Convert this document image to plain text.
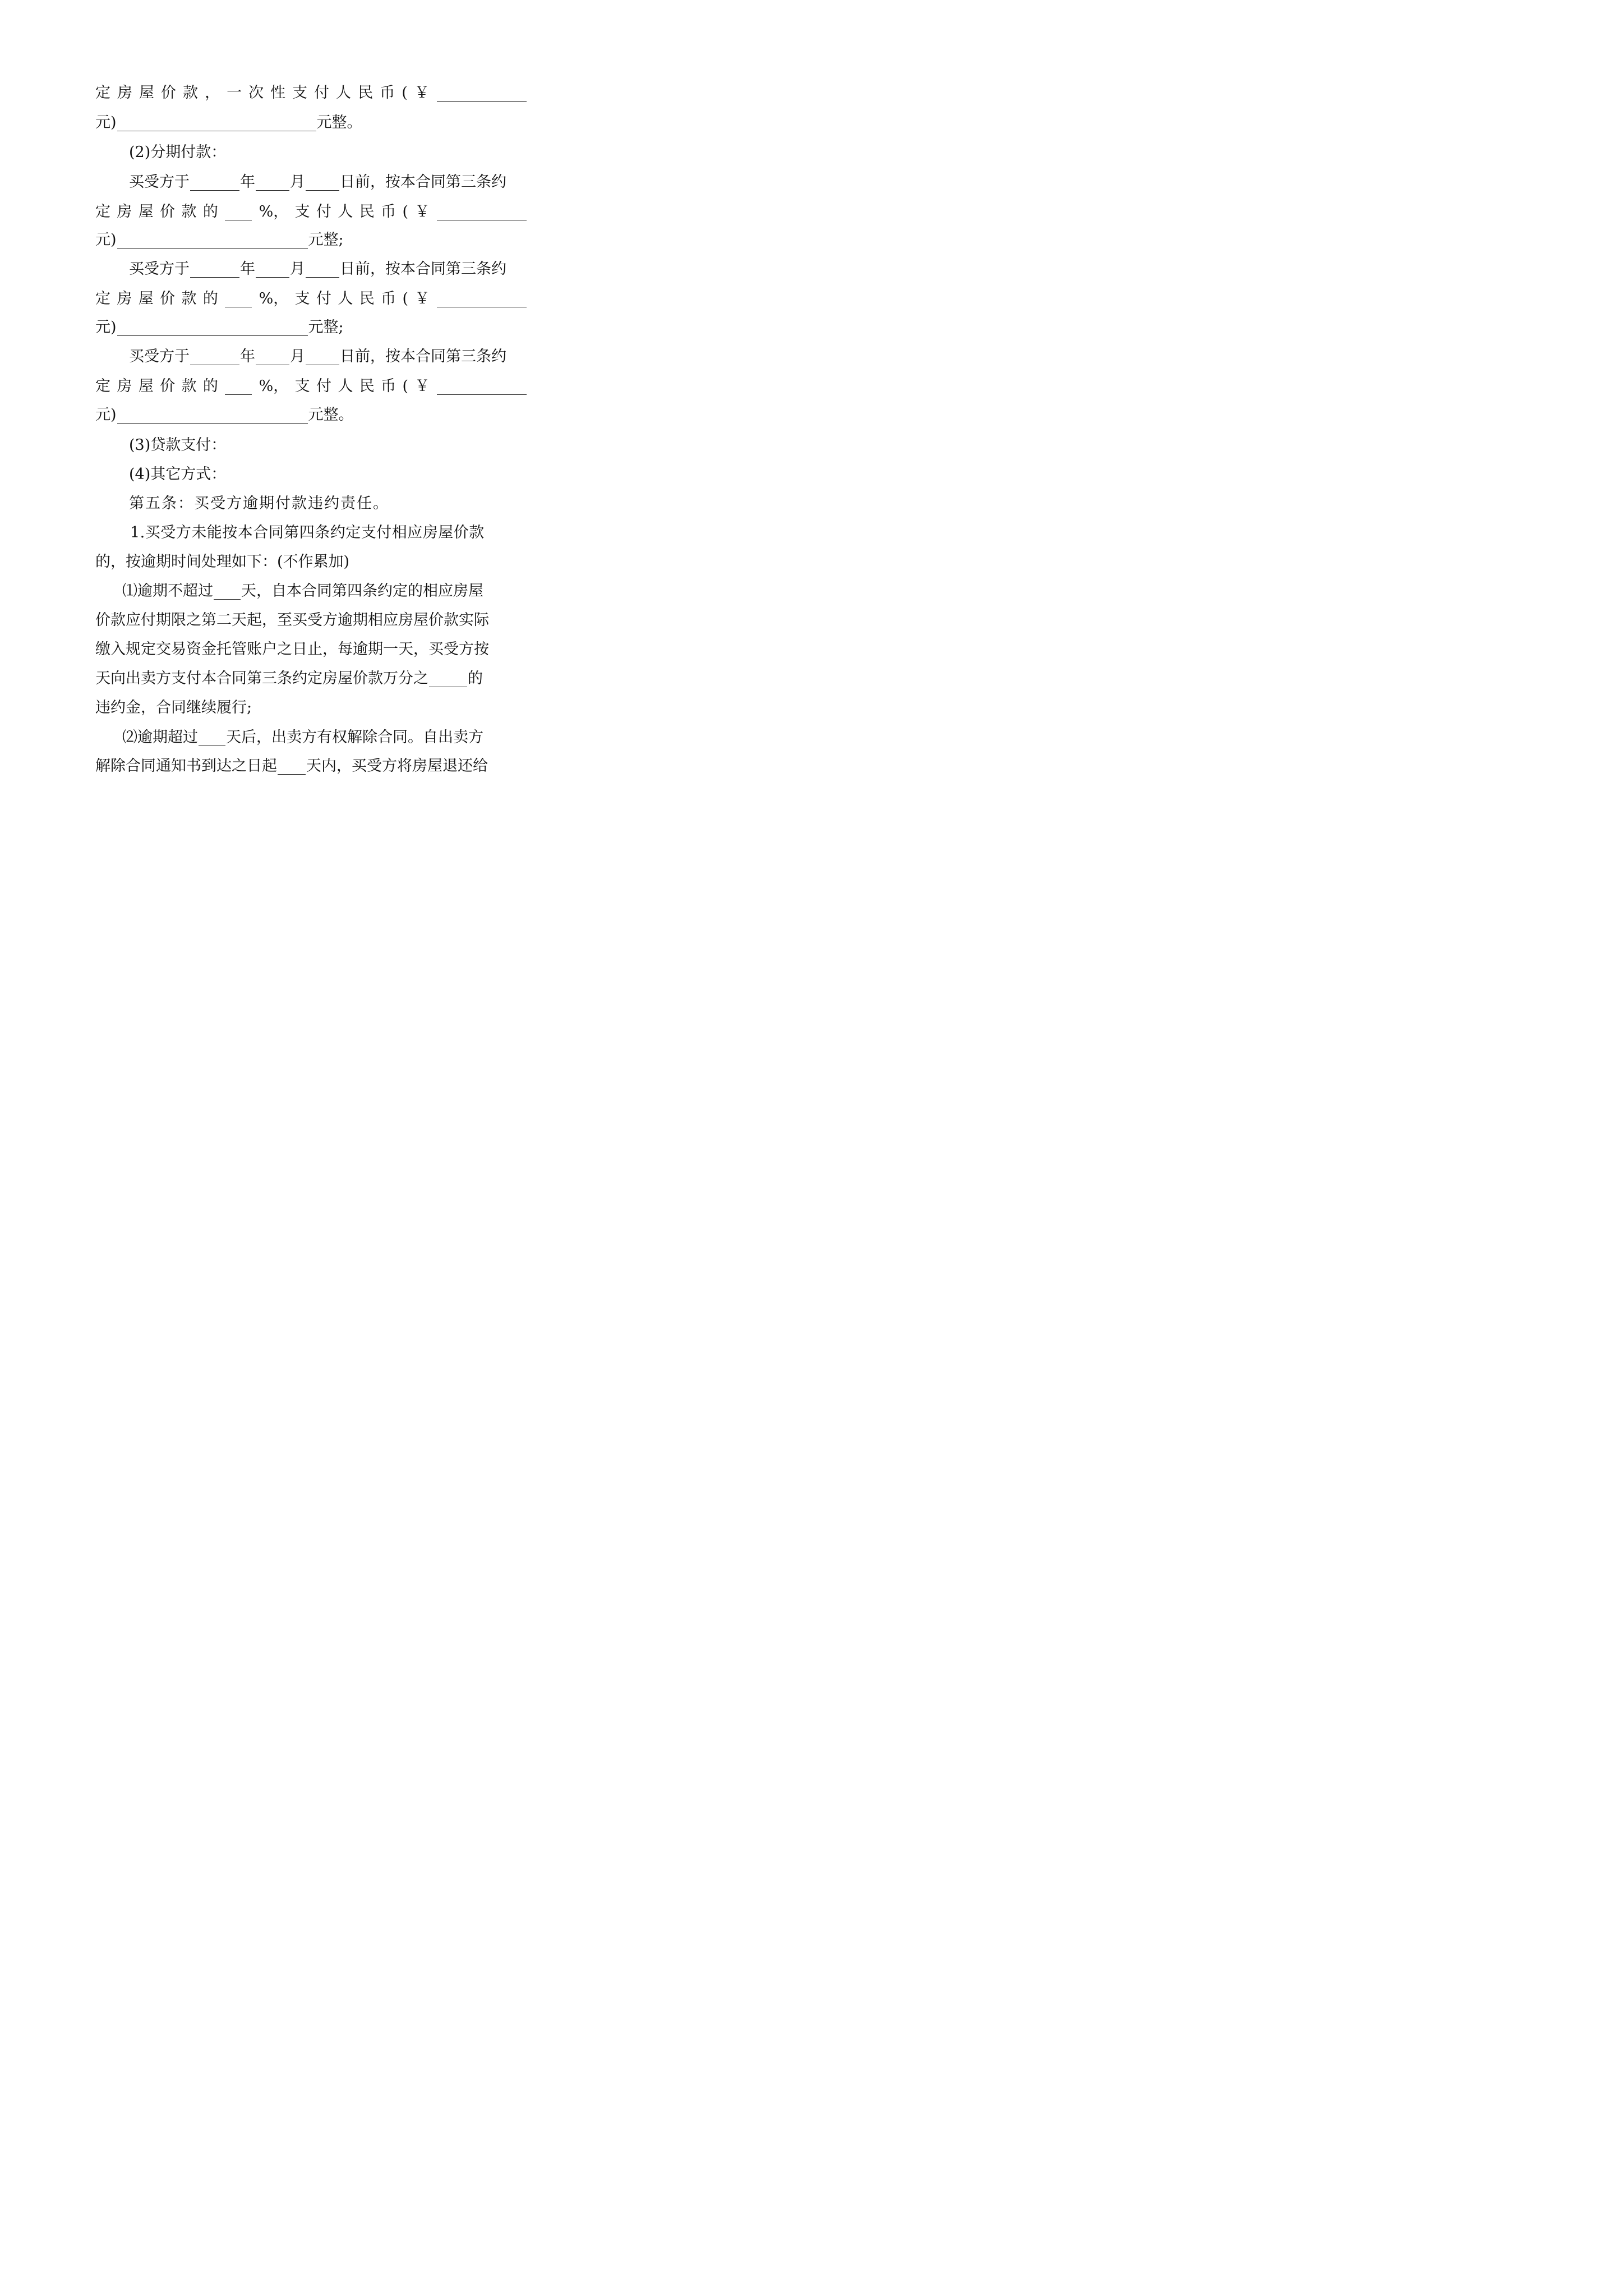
定 房 屋 价 款 ， 一 次 性 支 付 人 民 币 ( ￥
元)	元整。
(2)分期付款：
买受方于	年 月 日前，按本合同第三条约
定 房 屋 价 款 的	%， 支 付 人 民 币 ( ￥
元)	元整;
买受方于	年 月 日前，按本合同第三条约
定 房 屋 价 款 的	%， 支 付 人 民 币 ( ￥
元)	元整;
买受方于	年 月 日前，按本合同第三条约
定 房 屋 价 款 的	%， 支 付 人 民 币 ( ￥
元)	元整。
(3)贷款支付：
(4)其它方式：
第五条：买受方逾期付款违约责任。
1.买受方未能按本合同第四条约定支付相应房屋价款
的，按逾期时间处理如下：(不作累加)
⑴逾期不超过 天，自本合同第四条约定的相应房屋
价款应付期限之第二天起，至买受方逾期相应房屋价款实际
缴入规定交易资金托管账户之日止，每逾期一天，买受方按
天向出卖方支付本合同第三条约定房屋价款万分之	的
违约金，合同继续履行;
⑵逾期超过 天后，出卖方有权解除合同。自出卖方
解除合同通知书到达之日起 天内，买受方将房屋退还给
